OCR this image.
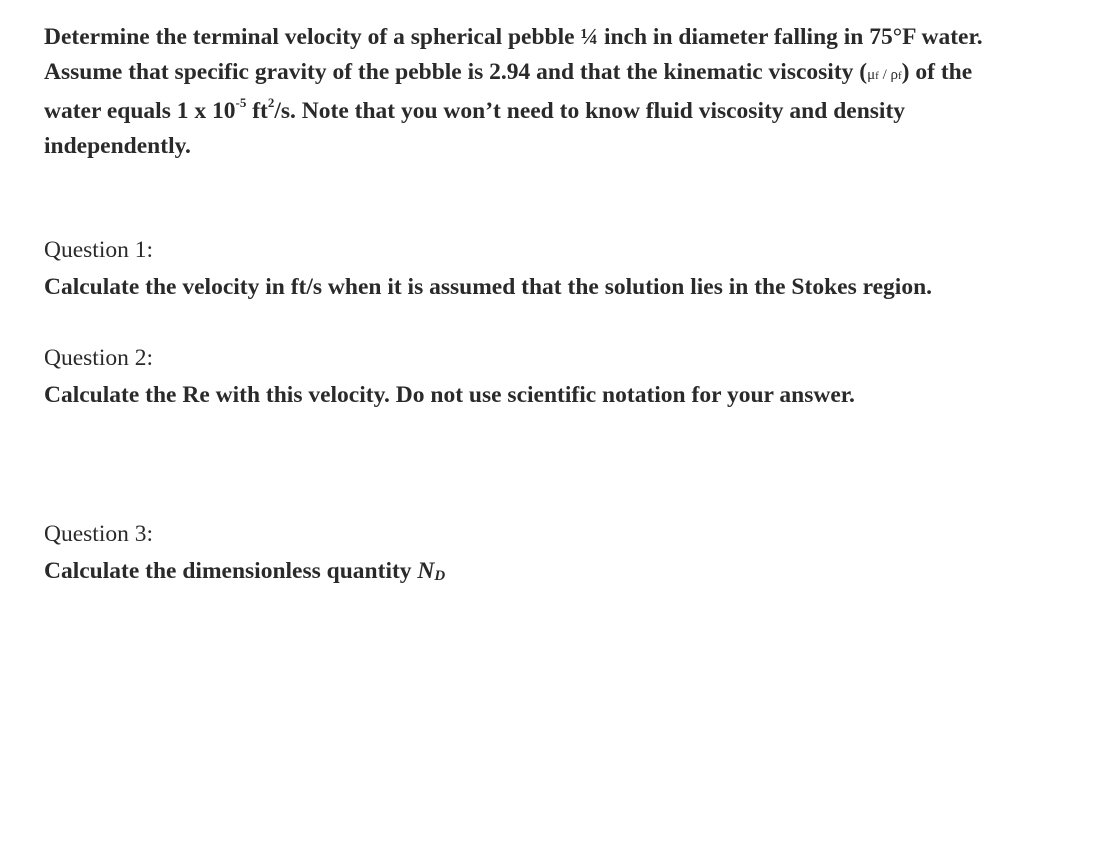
Determine the terminal velocity of a spherical pebble ¼ inch in diameter falling in 75°F water.
Assume that specific gravity of the pebble is 2.94 and that the kinematic viscosity (μf / ρf) of the
water equals 1 x $10^{-5}$ $ft^2/s$. Note that you won’t need to know fluid viscosity and density
independently.
Question 1:
Calculate the velocity in ft/s when it is assumed that the solution lies in the Stokes region.
Question 2:
Calculate the Re with this velocity. Do not use scientific notation for your answer.
Question 3:
Calculate the dimensionless quantity $N_D$
